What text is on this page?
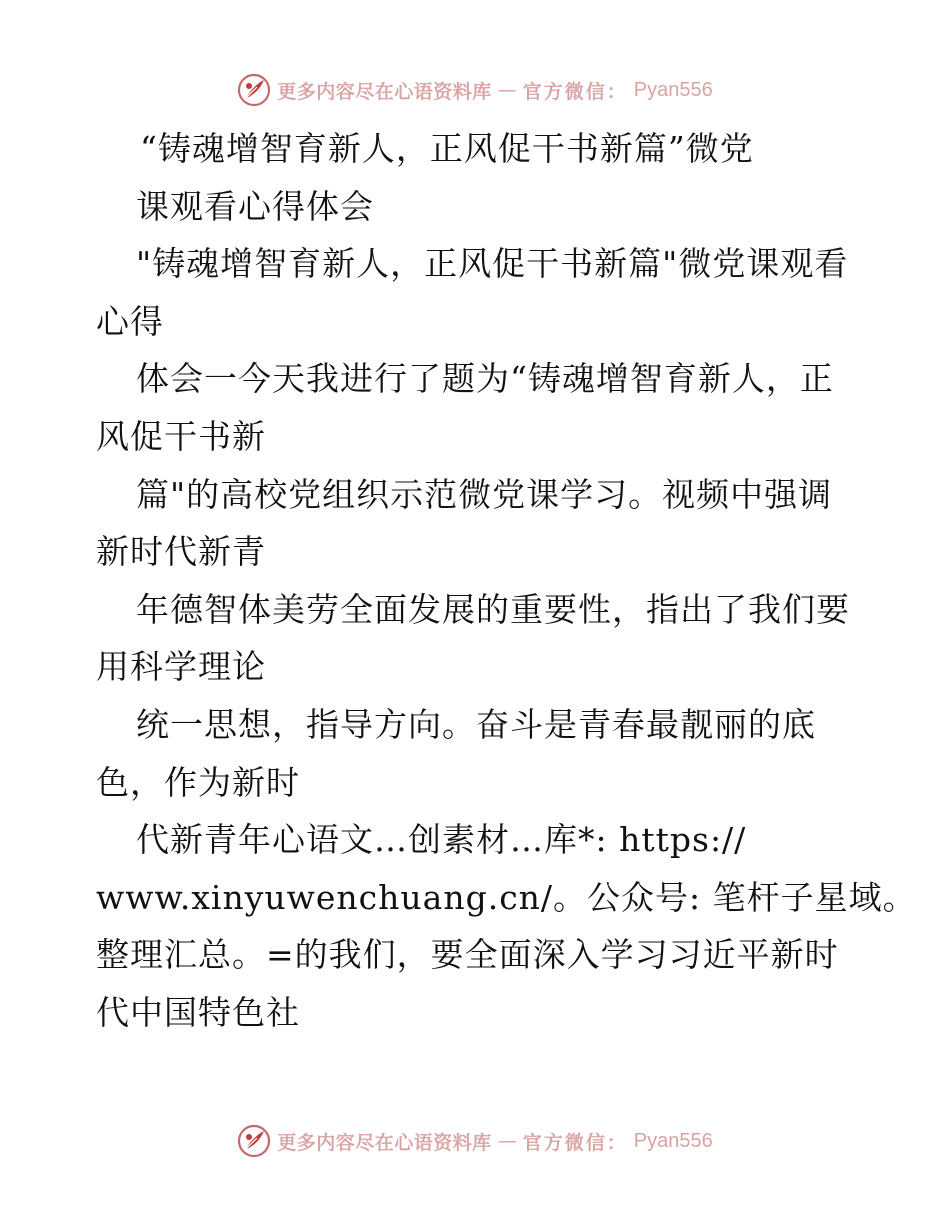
更多内容尽在心语资料库 — 官方微信： Pyan556
“铸魂增智育新人，正风促干书新篇”微党
课观看心得体会
"铸魂增智育新人，正风促干书新篇"微党课观看
心得
体会一今天我进行了题为“铸魂增智育新人，正
风促干书新
篇"的高校党组织示范微党课学习。视频中强调
新时代新青
年德智体美劳全面发展的重要性，指出了我们要
用科学理论
统一思想，指导方向。奋斗是青春最靓丽的底
色，作为新时
代新青年心语文…创素材…库*: https://
www.xinyuwenchuang.cn/。公众号: 笔杆子星域。
整理汇总。=的我们，要全面深入学习习近平新时
代中国特色社
更多内容尽在心语资料库 — 官方微信： Pyan556
